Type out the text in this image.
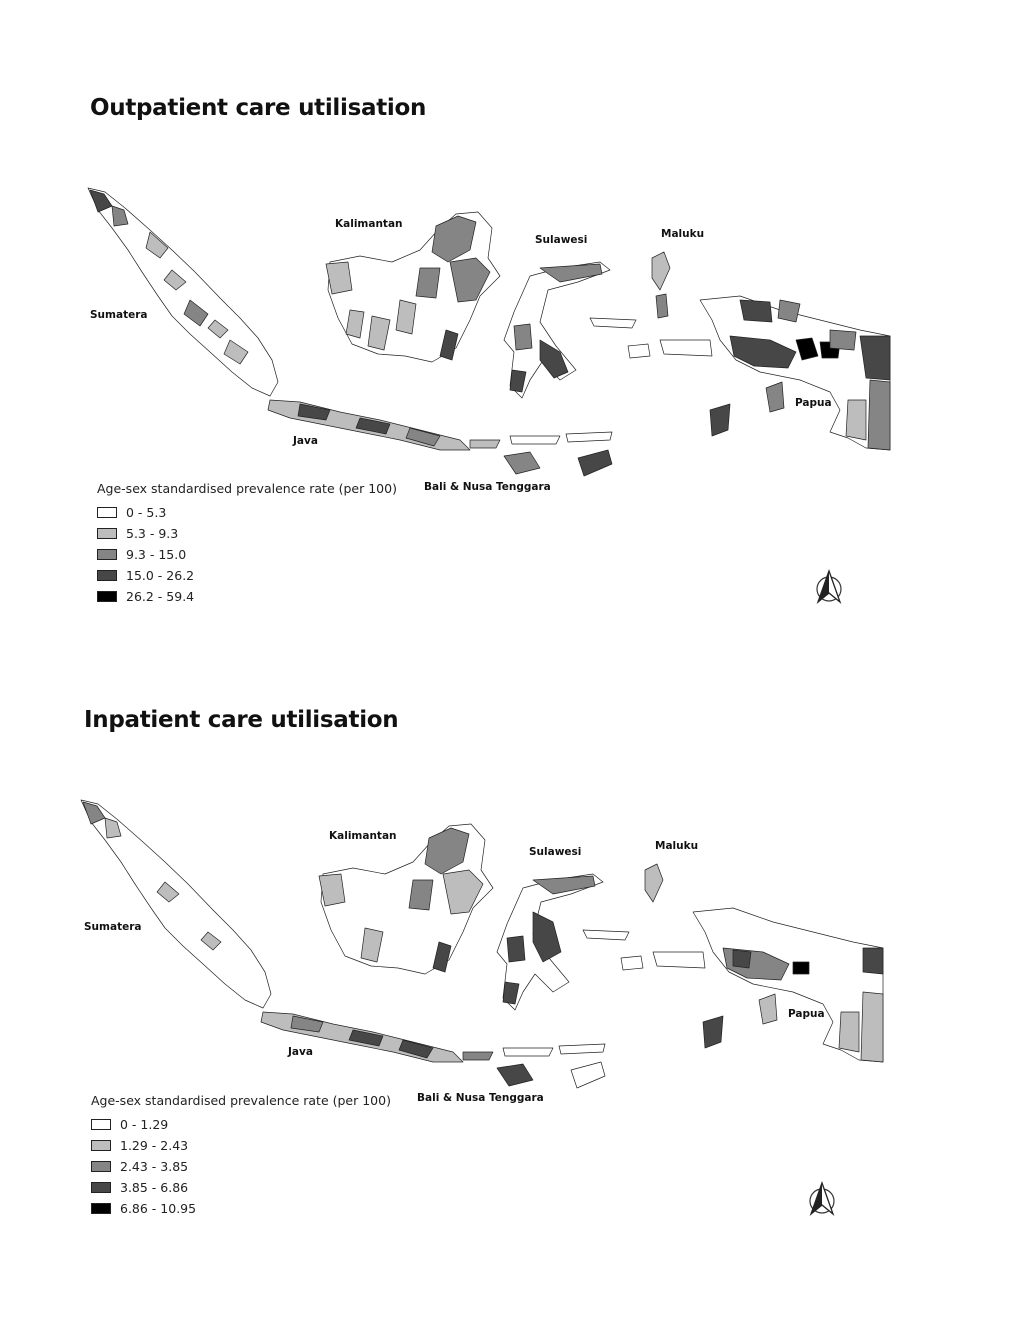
Outpatient care utilisation
Kalimantan
Sulawesi	Maluku
Sumatera
Papua
Java
Bali & Nusa Tenggara
Age-sex standardised prevalence rate (per 100)
0 - 5.3
5.3 - 9.3
9.3 - 15.0
15.0 - 26.2
26.2 - 59.4
Inpatient care utilisation
Kalimantan
Sulawesi	Maluku
Sumatera
Papua
Java
Bali & Nusa Tenggara
Age-sex standardised prevalence rate (per 100)
0 - 1.29
1.29 - 2.43
2.43 - 3.85
3.85 - 6.86
6.86 - 10.95
